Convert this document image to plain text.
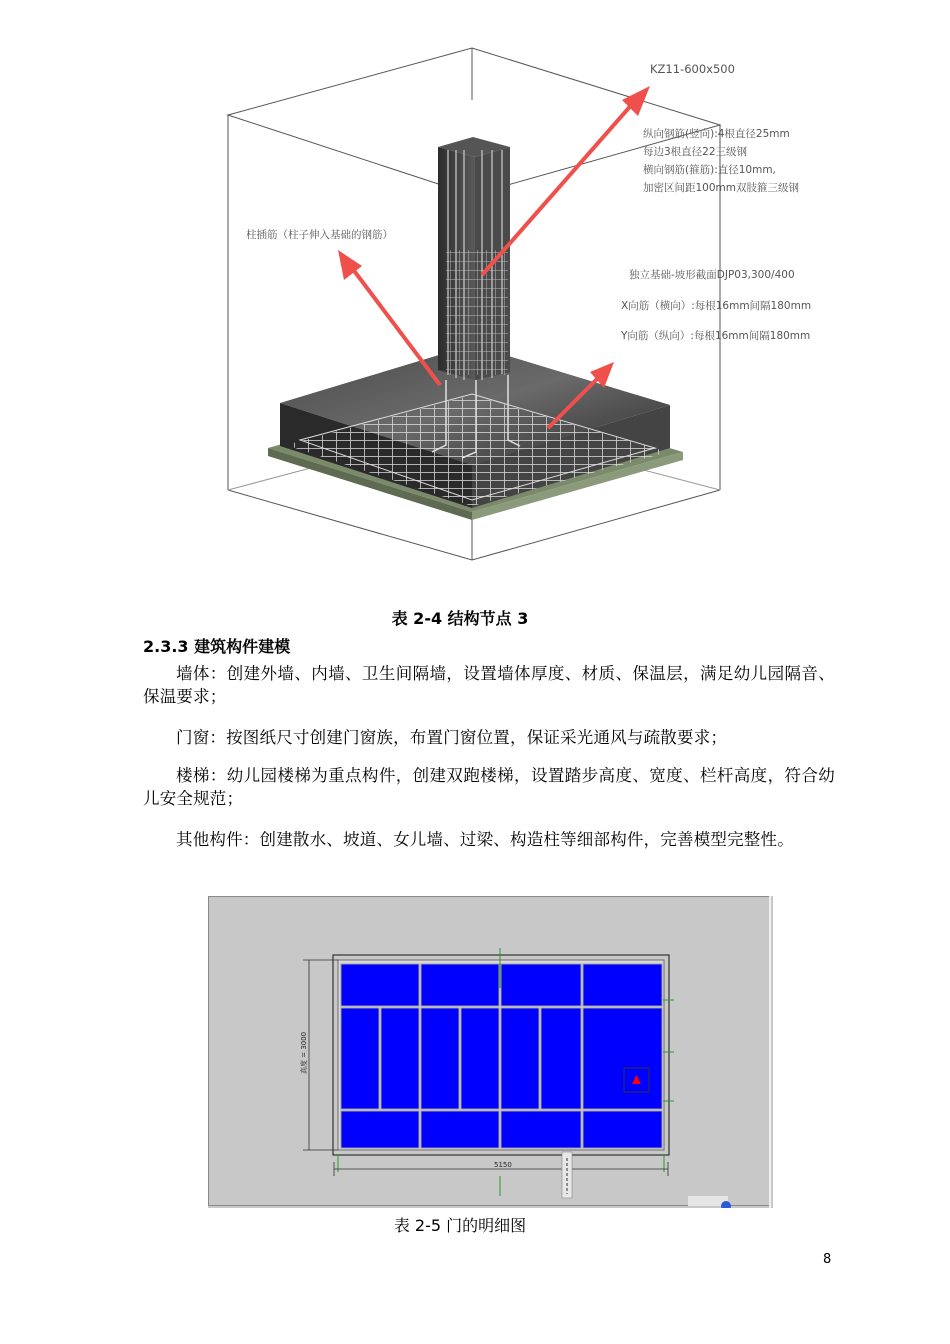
KZ11-600x500
纵向钢筋(竖向):4根直径25mm
每边3根直径22三级钢
横向钢筋(箍筋):直径10mm,
加密区间距100mm双肢箍三级钢
柱插筋（柱子伸入基础的钢筋）
独立基础-坡形截面DJP03,300/400
X向筋（横向）:每根16mm间隔180mm
Y向筋（纵向）:每根16mm间隔180mm
表 2-4 结构节点 3
2.3.3 建筑构件建模

墙体：创建外墙、内墙、卫生间隔墙，设置墙体厚度、材质、保温层，满足幼儿园隔音、保温要求；

门窗：按图纸尺寸创建门窗族，布置门窗位置，保证采光通风与疏散要求；

楼梯：幼儿园楼梯为重点构件，创建双跑楼梯，设置踏步高度、宽度、栏杆高度，符合幼儿安全规范；

其他构件：创建散水、坡道、女儿墙、过梁、构造柱等细部构件，完善模型完整性。

高度 = 3000
5150
表 2-5 门的明细图
8
